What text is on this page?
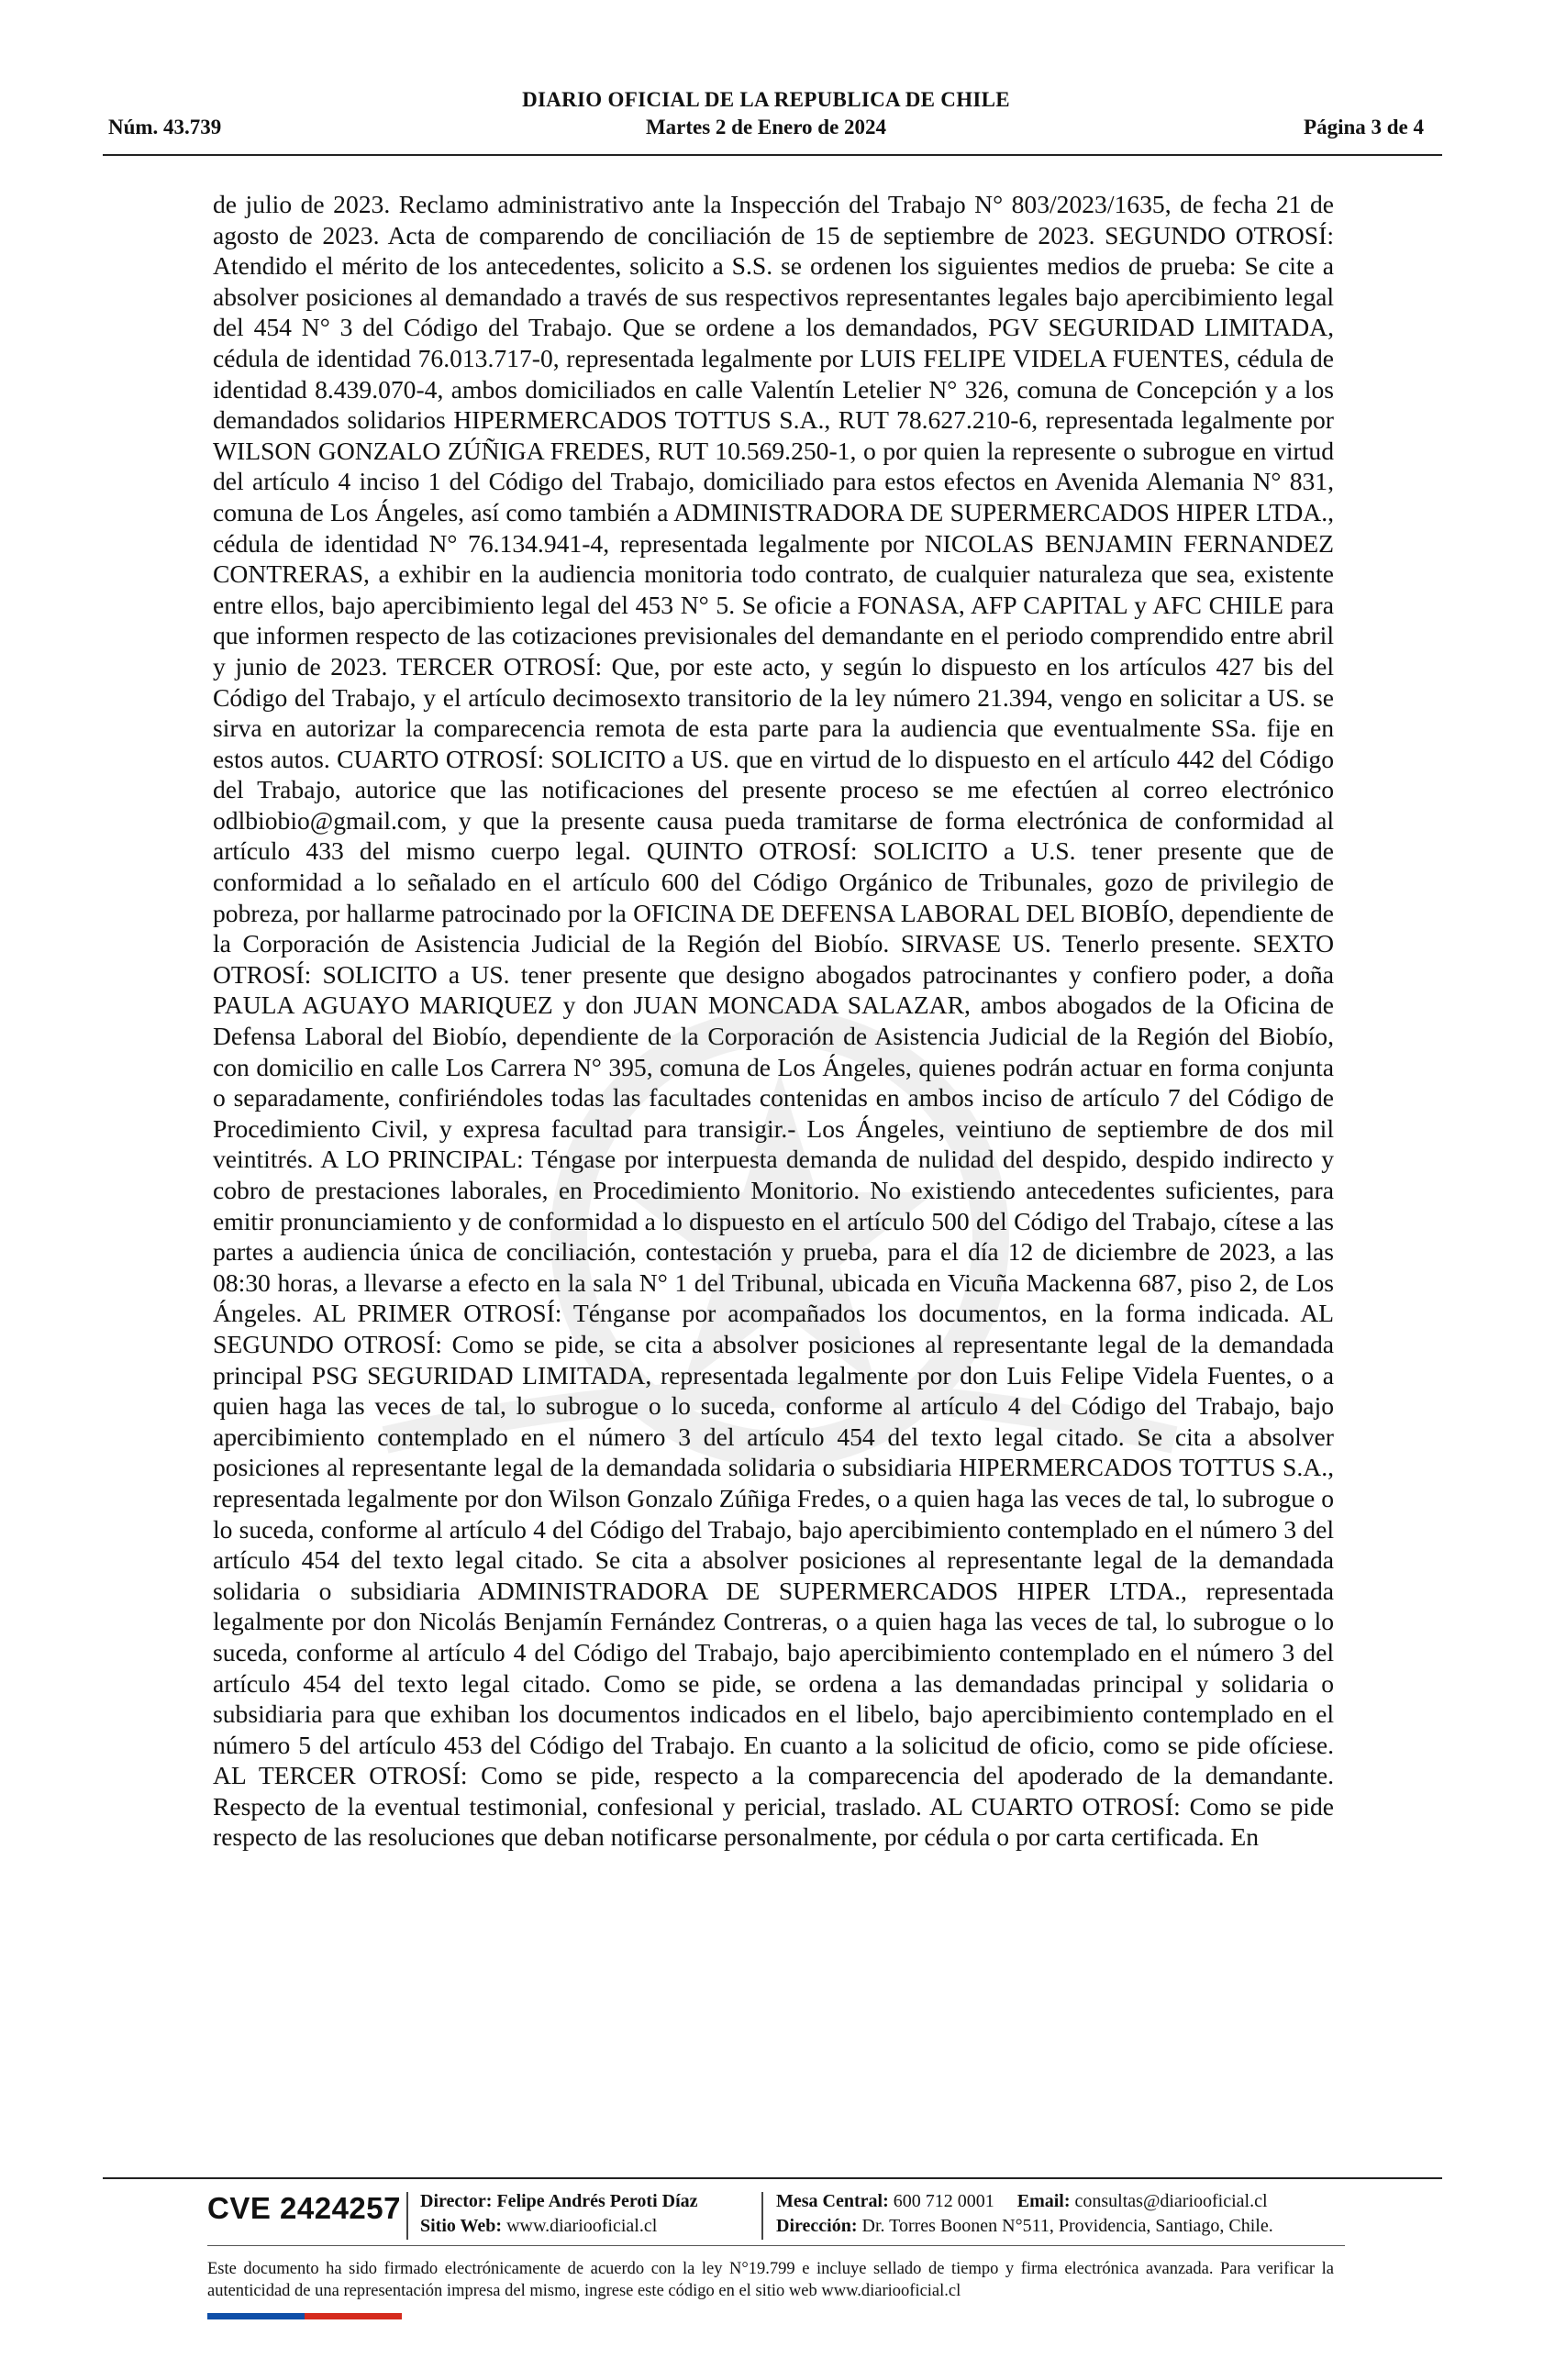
DIARIO OFICIAL DE LA REPUBLICA DE CHILE
Núm. 43.739	Martes 2 de Enero de 2024	Página 3 de 4
de julio de 2023. Reclamo administrativo ante la Inspección del Trabajo N° 803/2023/1635, de fecha 21 de agosto de 2023. Acta de comparendo de conciliación de 15 de septiembre de 2023. SEGUNDO OTROSÍ: Atendido el mérito de los antecedentes, solicito a S.S. se ordenen los siguientes medios de prueba: Se cite a absolver posiciones al demandado a través de sus respectivos representantes legales bajo apercibimiento legal del 454 N° 3 del Código del Trabajo. Que se ordene a los demandados, PGV SEGURIDAD LIMITADA, cédula de identidad 76.013.717-0, representada legalmente por LUIS FELIPE VIDELA FUENTES, cédula de identidad 8.439.070-4, ambos domiciliados en calle Valentín Letelier N° 326, comuna de Concepción y a los demandados solidarios HIPERMERCADOS TOTTUS S.A., RUT 78.627.210-6, representada legalmente por WILSON GONZALO ZÚÑIGA FREDES, RUT 10.569.250-1, o por quien la represente o subrogue en virtud del artículo 4 inciso 1 del Código del Trabajo, domiciliado para estos efectos en Avenida Alemania N° 831, comuna de Los Ángeles, así como también a ADMINISTRADORA DE SUPERMERCADOS HIPER LTDA., cédula de identidad N° 76.134.941-4, representada legalmente por NICOLAS BENJAMIN FERNANDEZ CONTRERAS, a exhibir en la audiencia monitoria todo contrato, de cualquier naturaleza que sea, existente entre ellos, bajo apercibimiento legal del 453 N° 5. Se oficie a FONASA, AFP CAPITAL y AFC CHILE para que informen respecto de las cotizaciones previsionales del demandante en el periodo comprendido entre abril y junio de 2023. TERCER OTROSÍ: Que, por este acto, y según lo dispuesto en los artículos 427 bis del Código del Trabajo, y el artículo decimosexto transitorio de la ley número 21.394, vengo en solicitar a US. se sirva en autorizar la comparecencia remota de esta parte para la audiencia que eventualmente SSa. fije en estos autos. CUARTO OTROSÍ: SOLICITO a US. que en virtud de lo dispuesto en el artículo 442 del Código del Trabajo, autorice que las notificaciones del presente proceso se me efectúen al correo electrónico odlbiobio@gmail.com, y que la presente causa pueda tramitarse de forma electrónica de conformidad al artículo 433 del mismo cuerpo legal. QUINTO OTROSÍ: SOLICITO a U.S. tener presente que de conformidad a lo señalado en el artículo 600 del Código Orgánico de Tribunales, gozo de privilegio de pobreza, por hallarme patrocinado por la OFICINA DE DEFENSA LABORAL DEL BIOBÍO, dependiente de la Corporación de Asistencia Judicial de la Región del Biobío. SIRVASE US. Tenerlo presente. SEXTO OTROSÍ: SOLICITO a US. tener presente que designo abogados patrocinantes y confiero poder, a doña PAULA AGUAYO MARIQUEZ y don JUAN MONCADA SALAZAR, ambos abogados de la Oficina de Defensa Laboral del Biobío, dependiente de la Corporación de Asistencia Judicial de la Región del Biobío, con domicilio en calle Los Carrera N° 395, comuna de Los Ángeles, quienes podrán actuar en forma conjunta o separadamente, confiriéndoles todas las facultades contenidas en ambos inciso de artículo 7 del Código de Procedimiento Civil, y expresa facultad para transigir.- Los Ángeles, veintiuno de septiembre de dos mil veintitrés. A LO PRINCIPAL: Téngase por interpuesta demanda de nulidad del despido, despido indirecto y cobro de prestaciones laborales, en Procedimiento Monitorio. No existiendo antecedentes suficientes, para emitir pronunciamiento y de conformidad a lo dispuesto en el artículo 500 del Código del Trabajo, cítese a las partes a audiencia única de conciliación, contestación y prueba, para el día 12 de diciembre de 2023, a las 08:30 horas, a llevarse a efecto en la sala N° 1 del Tribunal, ubicada en Vicuña Mackenna 687, piso 2, de Los Ángeles. AL PRIMER OTROSÍ: Ténganse por acompañados los documentos, en la forma indicada. AL SEGUNDO OTROSÍ: Como se pide, se cita a absolver posiciones al representante legal de la demandada principal PSG SEGURIDAD LIMITADA, representada legalmente por don Luis Felipe Videla Fuentes, o a quien haga las veces de tal, lo subrogue o lo suceda, conforme al artículo 4 del Código del Trabajo, bajo apercibimiento contemplado en el número 3 del artículo 454 del texto legal citado. Se cita a absolver posiciones al representante legal de la demandada solidaria o subsidiaria HIPERMERCADOS TOTTUS S.A., representada legalmente por don Wilson Gonzalo Zúñiga Fredes, o a quien haga las veces de tal, lo subrogue o lo suceda, conforme al artículo 4 del Código del Trabajo, bajo apercibimiento contemplado en el número 3 del artículo 454 del texto legal citado. Se cita a absolver posiciones al representante legal de la demandada solidaria o subsidiaria ADMINISTRADORA DE SUPERMERCADOS HIPER LTDA., representada legalmente por don Nicolás Benjamín Fernández Contreras, o a quien haga las veces de tal, lo subrogue o lo suceda, conforme al artículo 4 del Código del Trabajo, bajo apercibimiento contemplado en el número 3 del artículo 454 del texto legal citado. Como se pide, se ordena a las demandadas principal y solidaria o subsidiaria para que exhiban los documentos indicados en el libelo, bajo apercibimiento contemplado en el número 5 del artículo 453 del Código del Trabajo. En cuanto a la solicitud de oficio, como se pide ofíciese. AL TERCER OTROSÍ: Como se pide, respecto a la comparecencia del apoderado de la demandante. Respecto de la eventual testimonial, confesional y pericial, traslado. AL CUARTO OTROSÍ: Como se pide respecto de las resoluciones que deban notificarse personalmente, por cédula o por carta certificada. En
CVE 2424257 Director: Felipe Andrés Peroti Díaz
Sitio Web: www.diariooficial.cl
Mesa Central: 600 712 0001 Email: consultas@diariooficial.cl
Dirección: Dr. Torres Boonen N°511, Providencia, Santiago, Chile.
Este documento ha sido firmado electrónicamente de acuerdo con la ley N°19.799 e incluye sellado de tiempo y firma electrónica avanzada. Para verificar la autenticidad de una representación impresa del mismo, ingrese este código en el sitio web www.diariooficial.cl
